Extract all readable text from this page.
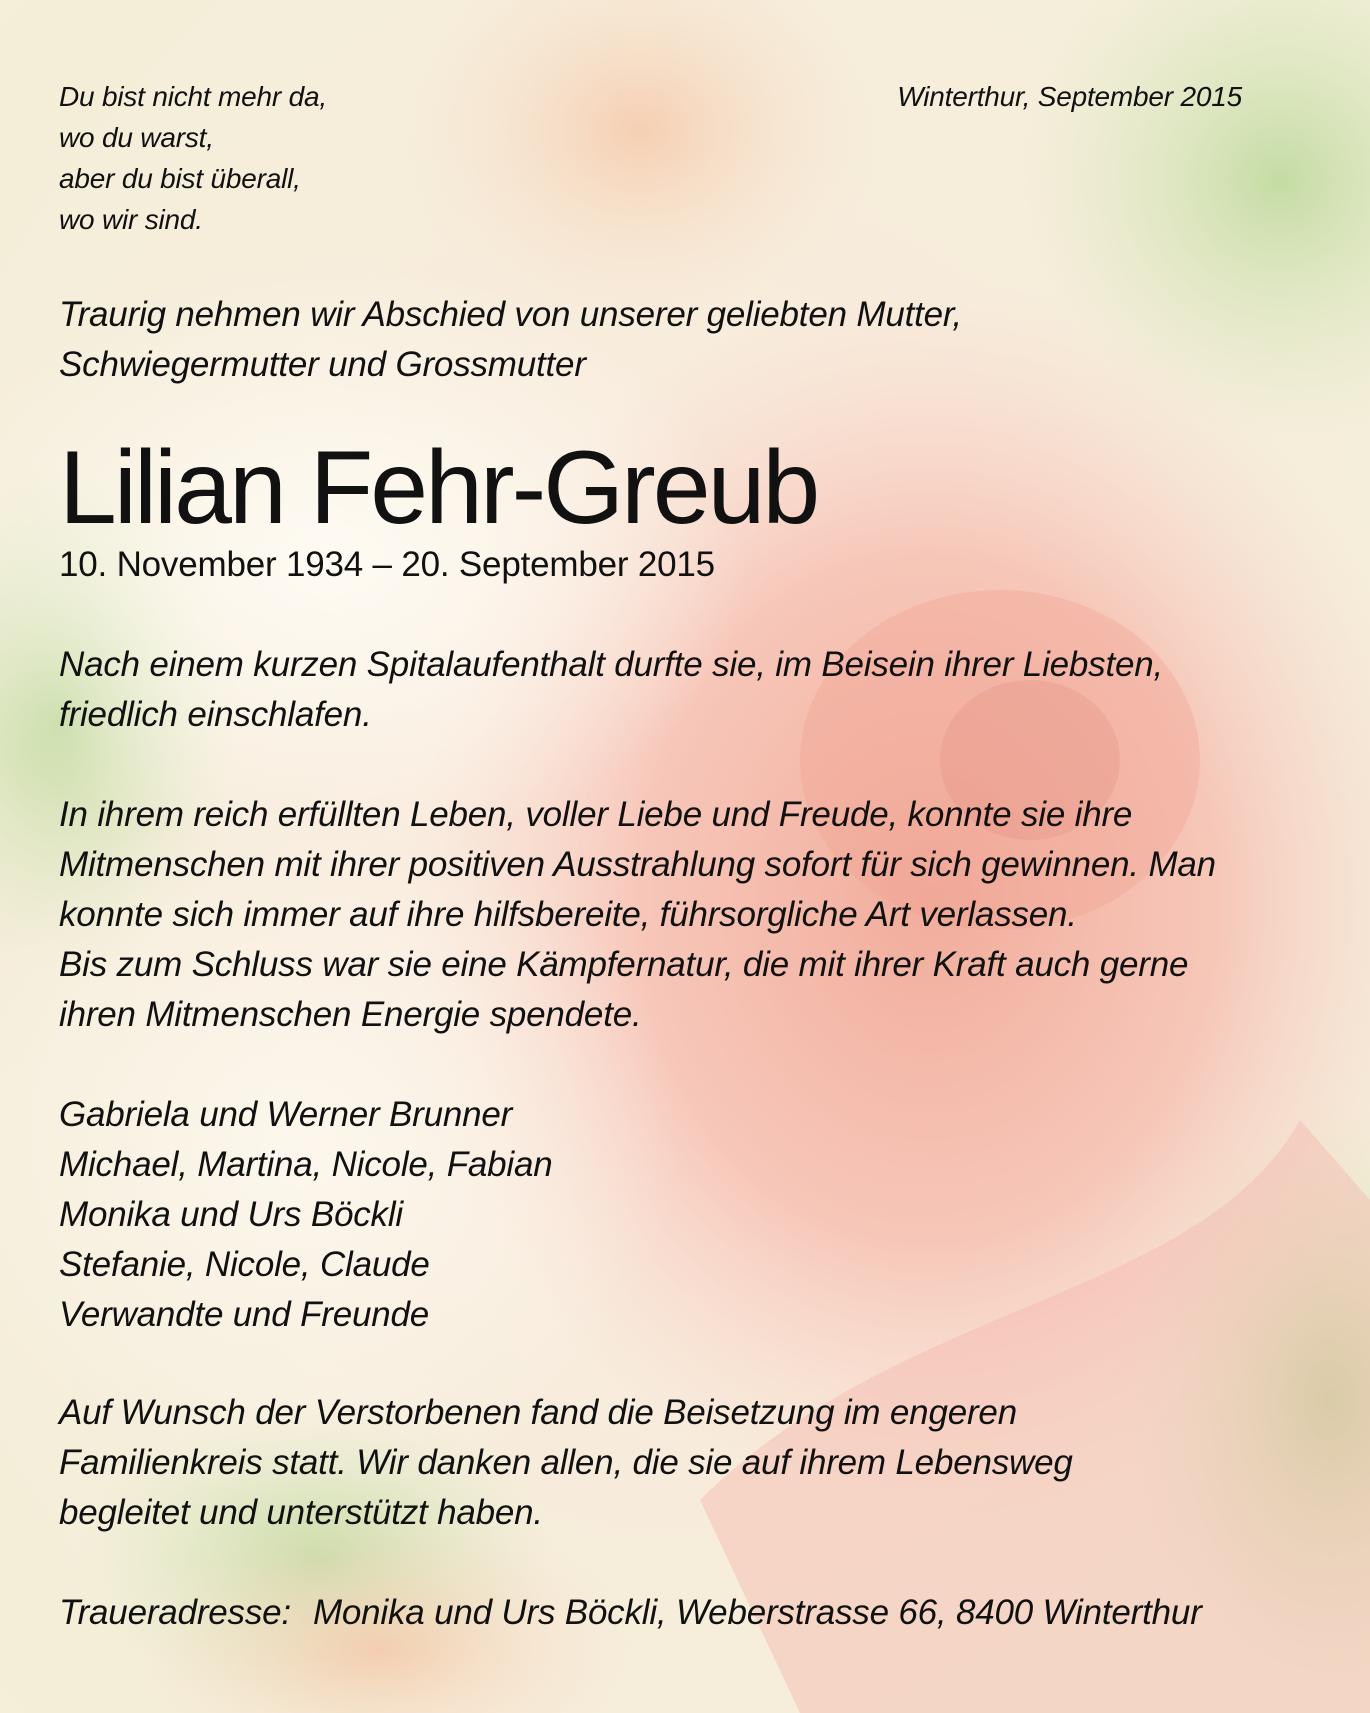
Du bist nicht mehr da,
wo du warst,
aber du bist überall,
wo wir sind.
Winterthur, September 2015
Traurig nehmen wir Abschied von unserer geliebten Mutter,
Schwiegermutter und Grossmutter
Lilian Fehr-Greub
10. November 1934 – 20. September 2015
Nach einem kurzen Spitalaufenthalt durfte sie, im Beisein ihrer Liebsten,
friedlich einschlafen.
In ihrem reich erfüllten Leben, voller Liebe und Freude, konnte sie ihre
Mitmenschen mit ihrer positiven Ausstrahlung sofort für sich gewinnen. Man
konnte sich immer auf ihre hilfsbereite, führsorgliche Art verlassen.
Bis zum Schluss war sie eine Kämpfernatur, die mit ihrer Kraft auch gerne
ihren Mitmenschen Energie spendete.
Gabriela und Werner Brunner
Michael, Martina, Nicole, Fabian
Monika und Urs Böckli
Stefanie, Nicole, Claude
Verwandte und Freunde
Auf Wunsch der Verstorbenen fand die Beisetzung im engeren
Familienkreis statt. Wir danken allen, die sie auf ihrem Lebensweg
begleitet und unterstützt haben.
Traueradresse: Monika und Urs Böckli, Weberstrasse 66, 8400 Winterthur
